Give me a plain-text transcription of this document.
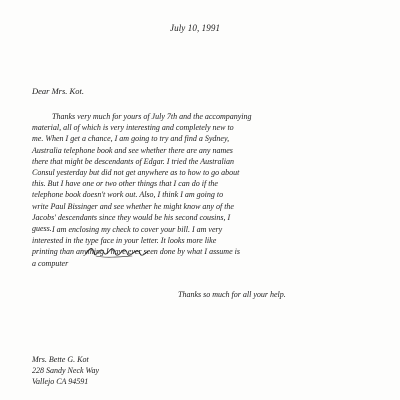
July 10, 1991
Dear Mrs. Kot.
Thanks very much for yours of July 7th and the accompanying
material, all of which is very interesting and completely new to
me. When I get a chance, I am going to try and find a Sydney,
Australia telephone book and see whether there are any names
there that might be descendants of Edgar. I tried the Australian
Consul yesterday but did not get anywhere as to how to go about
this. But I have one or two other things that I can do if the
telephone book doesn't work out. Also, I think I am going to
write Paul Bissinger and see whether he might know any of the
Jacobs' descendants since they would be his second cousins, I
guess. I am enclosing my check to cover your bill. I am very
interested in the type face in your letter. It looks more like
printing than anything I have ever seen done by what I assume is
a computer
Thanks so much for all your help.
Mrs. Bette G. Kot
228 Sandy Neck Way
Vallejo CA 94591
